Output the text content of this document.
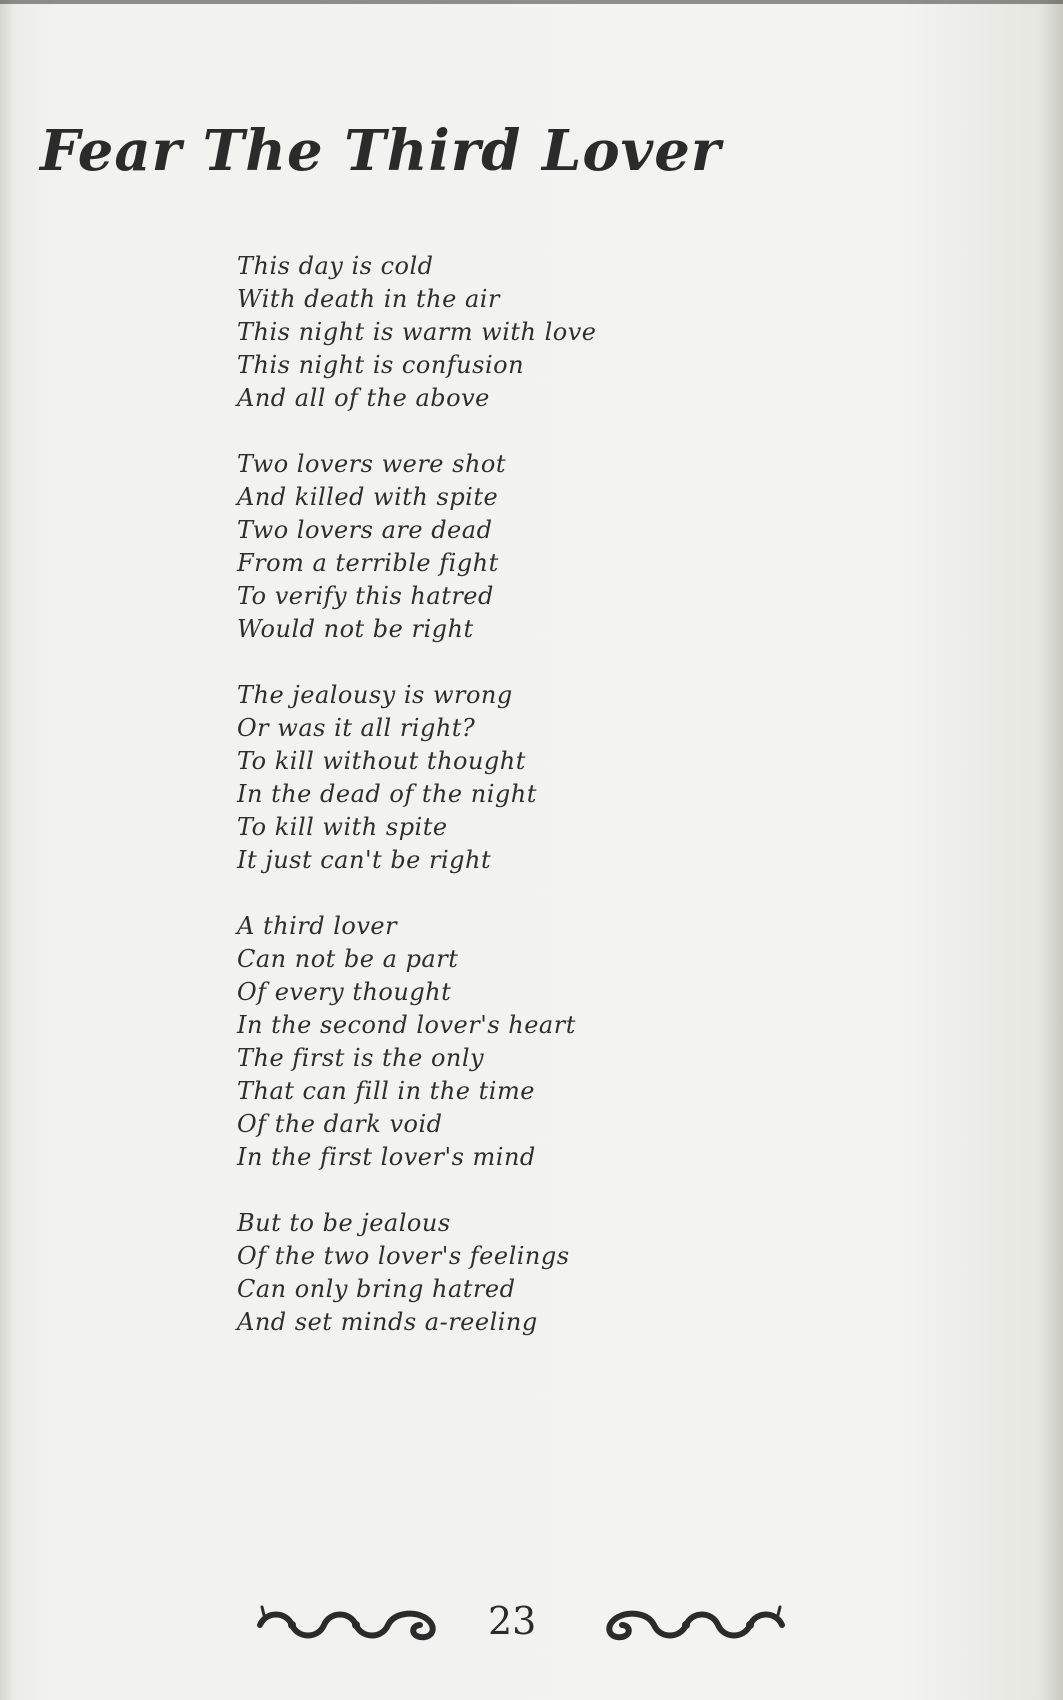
Fear The Third Lover
This day is cold
With death in the air
This night is warm with love
This night is confusion
And all of the above
Two lovers were shot
And killed with spite
Two lovers are dead
From a terrible fight
To verify this hatred
Would not be right
The jealousy is wrong
Or was it all right?
To kill without thought
In the dead of the night
To kill with spite
It just can't be right
A third lover
Can not be a part
Of every thought
In the second lover's heart
The first is the only
That can fill in the time
Of the dark void
In the first lover's mind
But to be jealous
Of the two lover's feelings
Can only bring hatred
And set minds a-reeling
23
